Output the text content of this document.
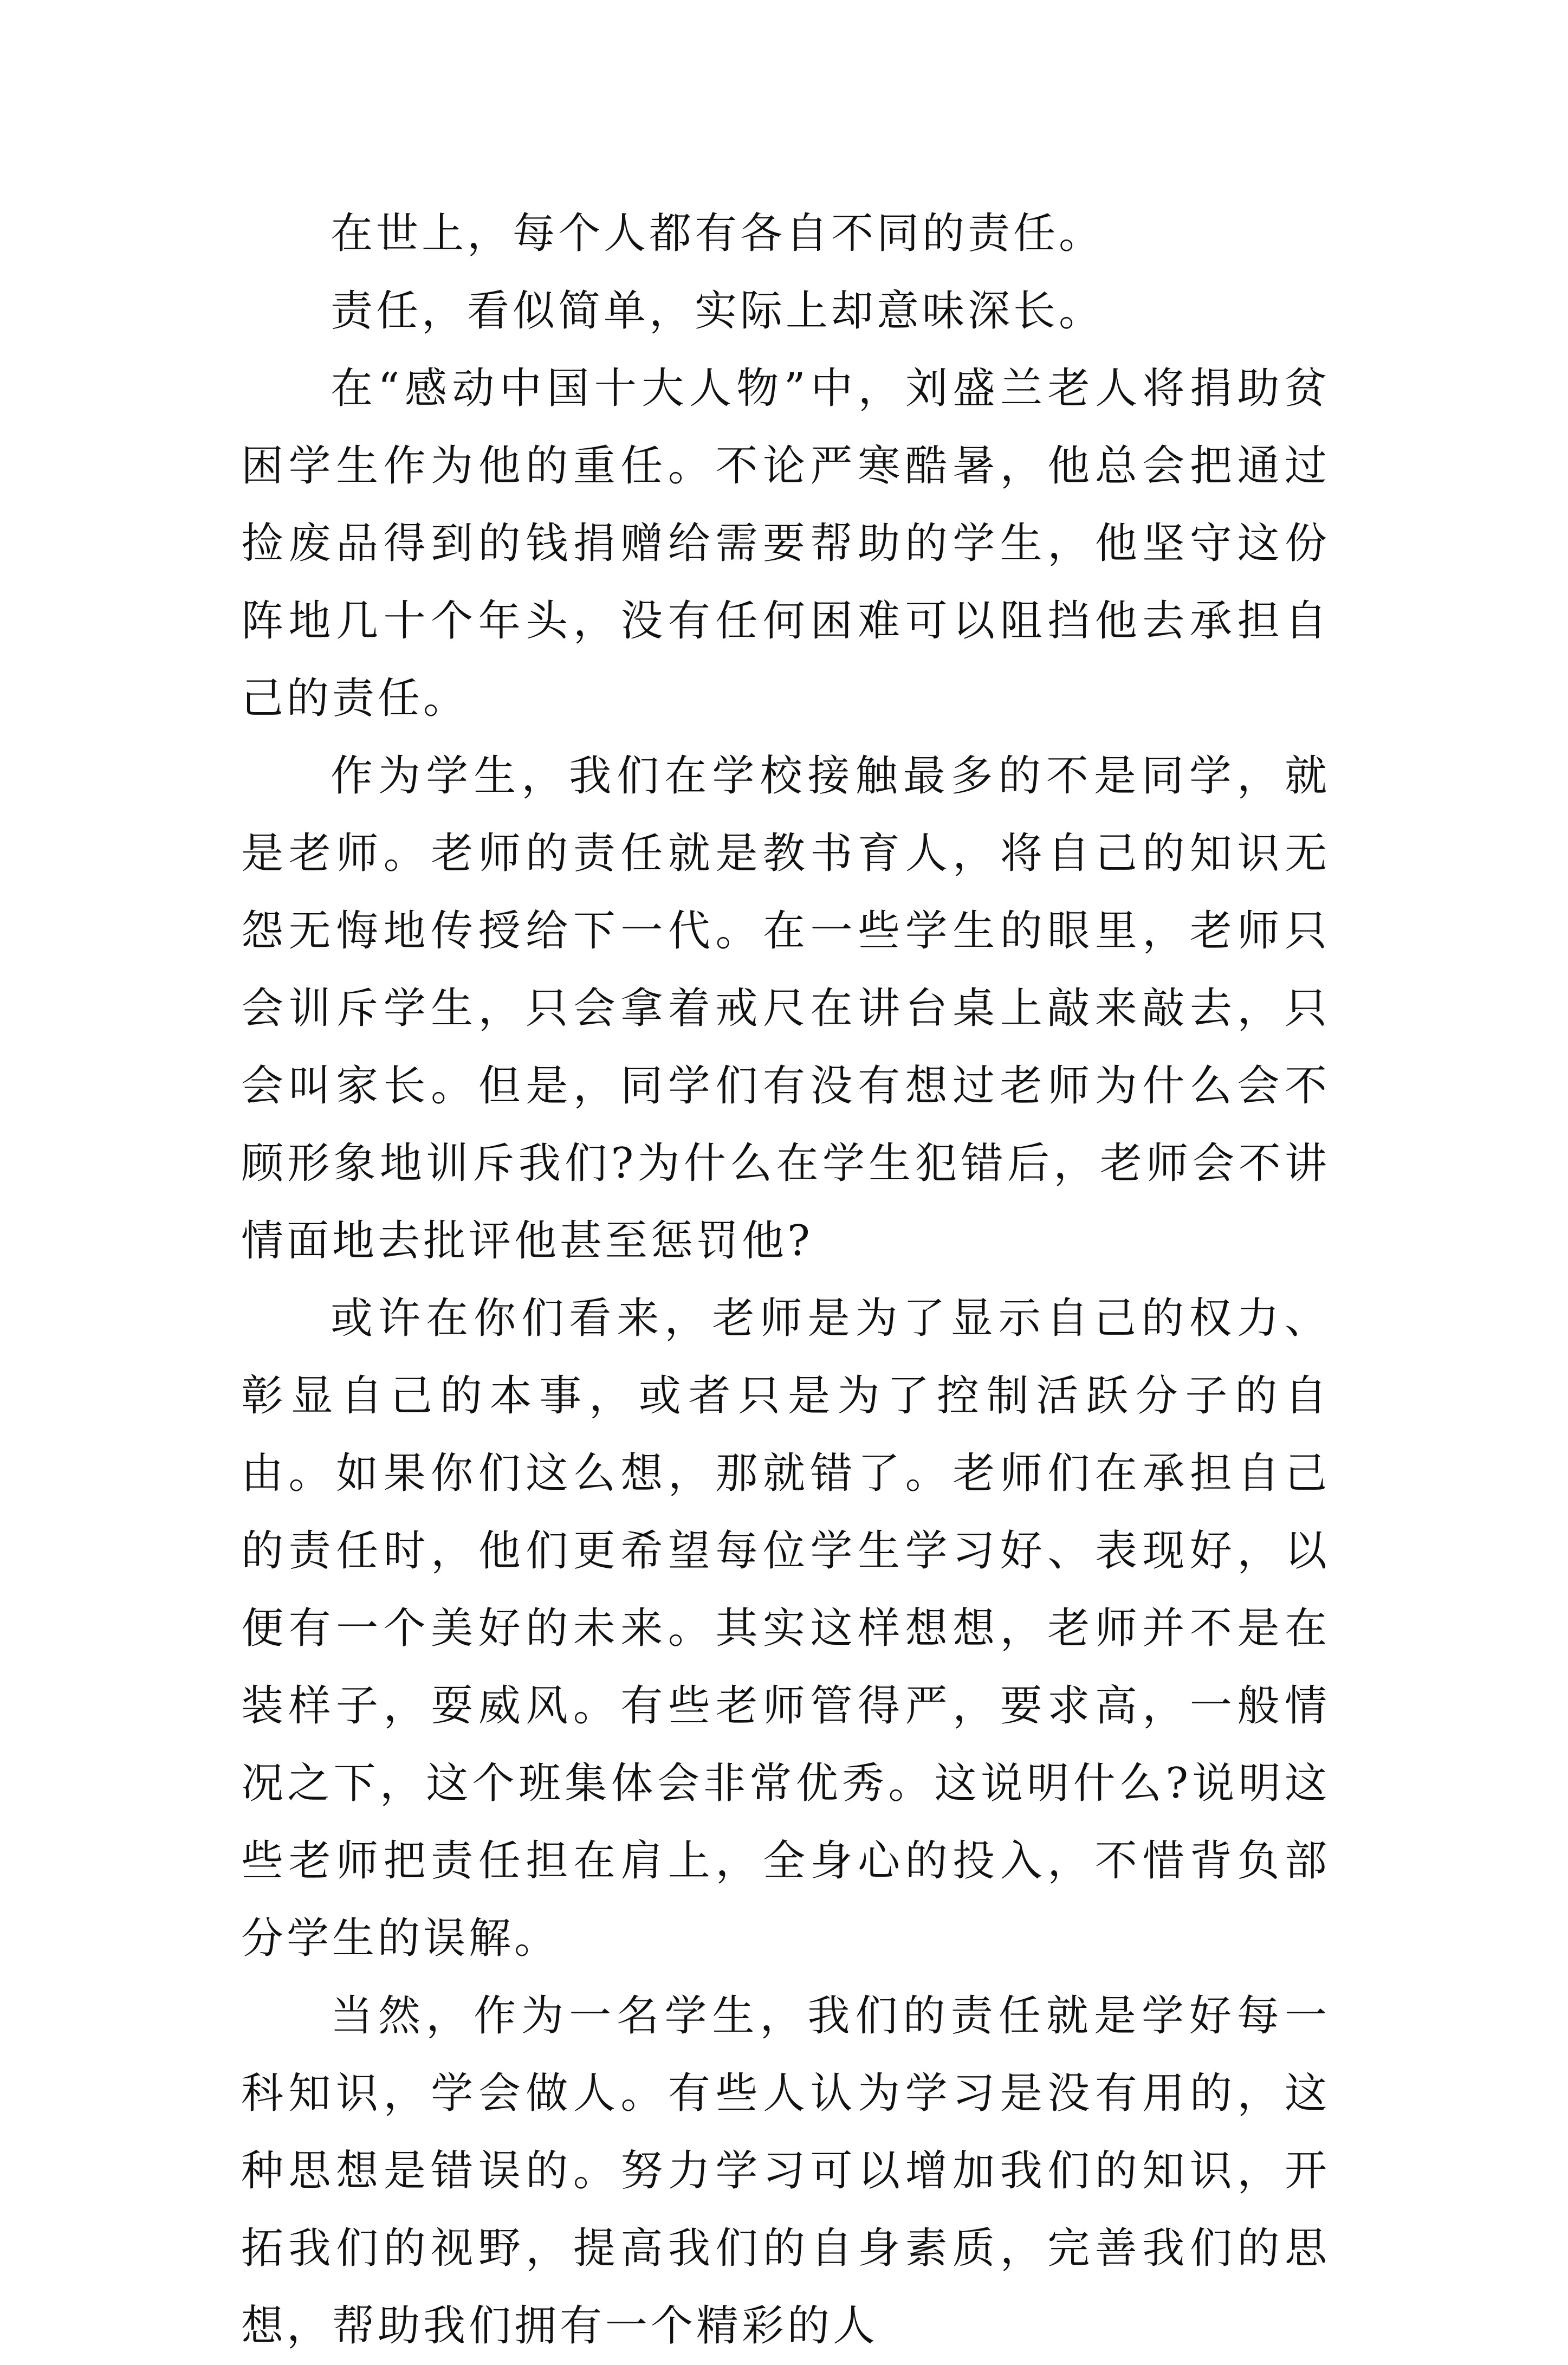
在世上，每个人都有各自不同的责任。

责任，看似简单，实际上却意味深长。

在“感动中国十大人物”中，刘盛兰老人将捐助贫困学生作为他的重任。不论严寒酷暑，他总会把通过捡废品得到的钱捐赠给需要帮助的学生，他坚守这份阵地几十个年头，没有任何困难可以阻挡他去承担自己的责任。

作为学生，我们在学校接触最多的不是同学，就是老师。老师的责任就是教书育人，将自己的知识无怨无悔地传授给下一代。在一些学生的眼里，老师只会训斥学生，只会拿着戒尺在讲台桌上敲来敲去，只会叫家长。但是，同学们有没有想过老师为什么会不顾形象地训斥我们?为什么在学生犯错后，老师会不讲情面地去批评他甚至惩罚他?

或许在你们看来，老师是为了显示自己的权力、彰显自己的本事，或者只是为了控制活跃分子的自由。如果你们这么想，那就错了。老师们在承担自己的责任时，他们更希望每位学生学习好、表现好，以便有一个美好的未来。其实这样想想，老师并不是在装样子，耍威风。有些老师管得严，要求高，一般情况之下，这个班集体会非常优秀。这说明什么?说明这些老师把责任担在肩上，全身心的投入，不惜背负部分学生的误解。

当然，作为一名学生，我们的责任就是学好每一科知识，学会做人。有些人认为学习是没有用的，这种思想是错误的。努力学习可以增加我们的知识，开拓我们的视野，提高我们的自身素质，完善我们的思想，帮助我们拥有一个精彩的人
